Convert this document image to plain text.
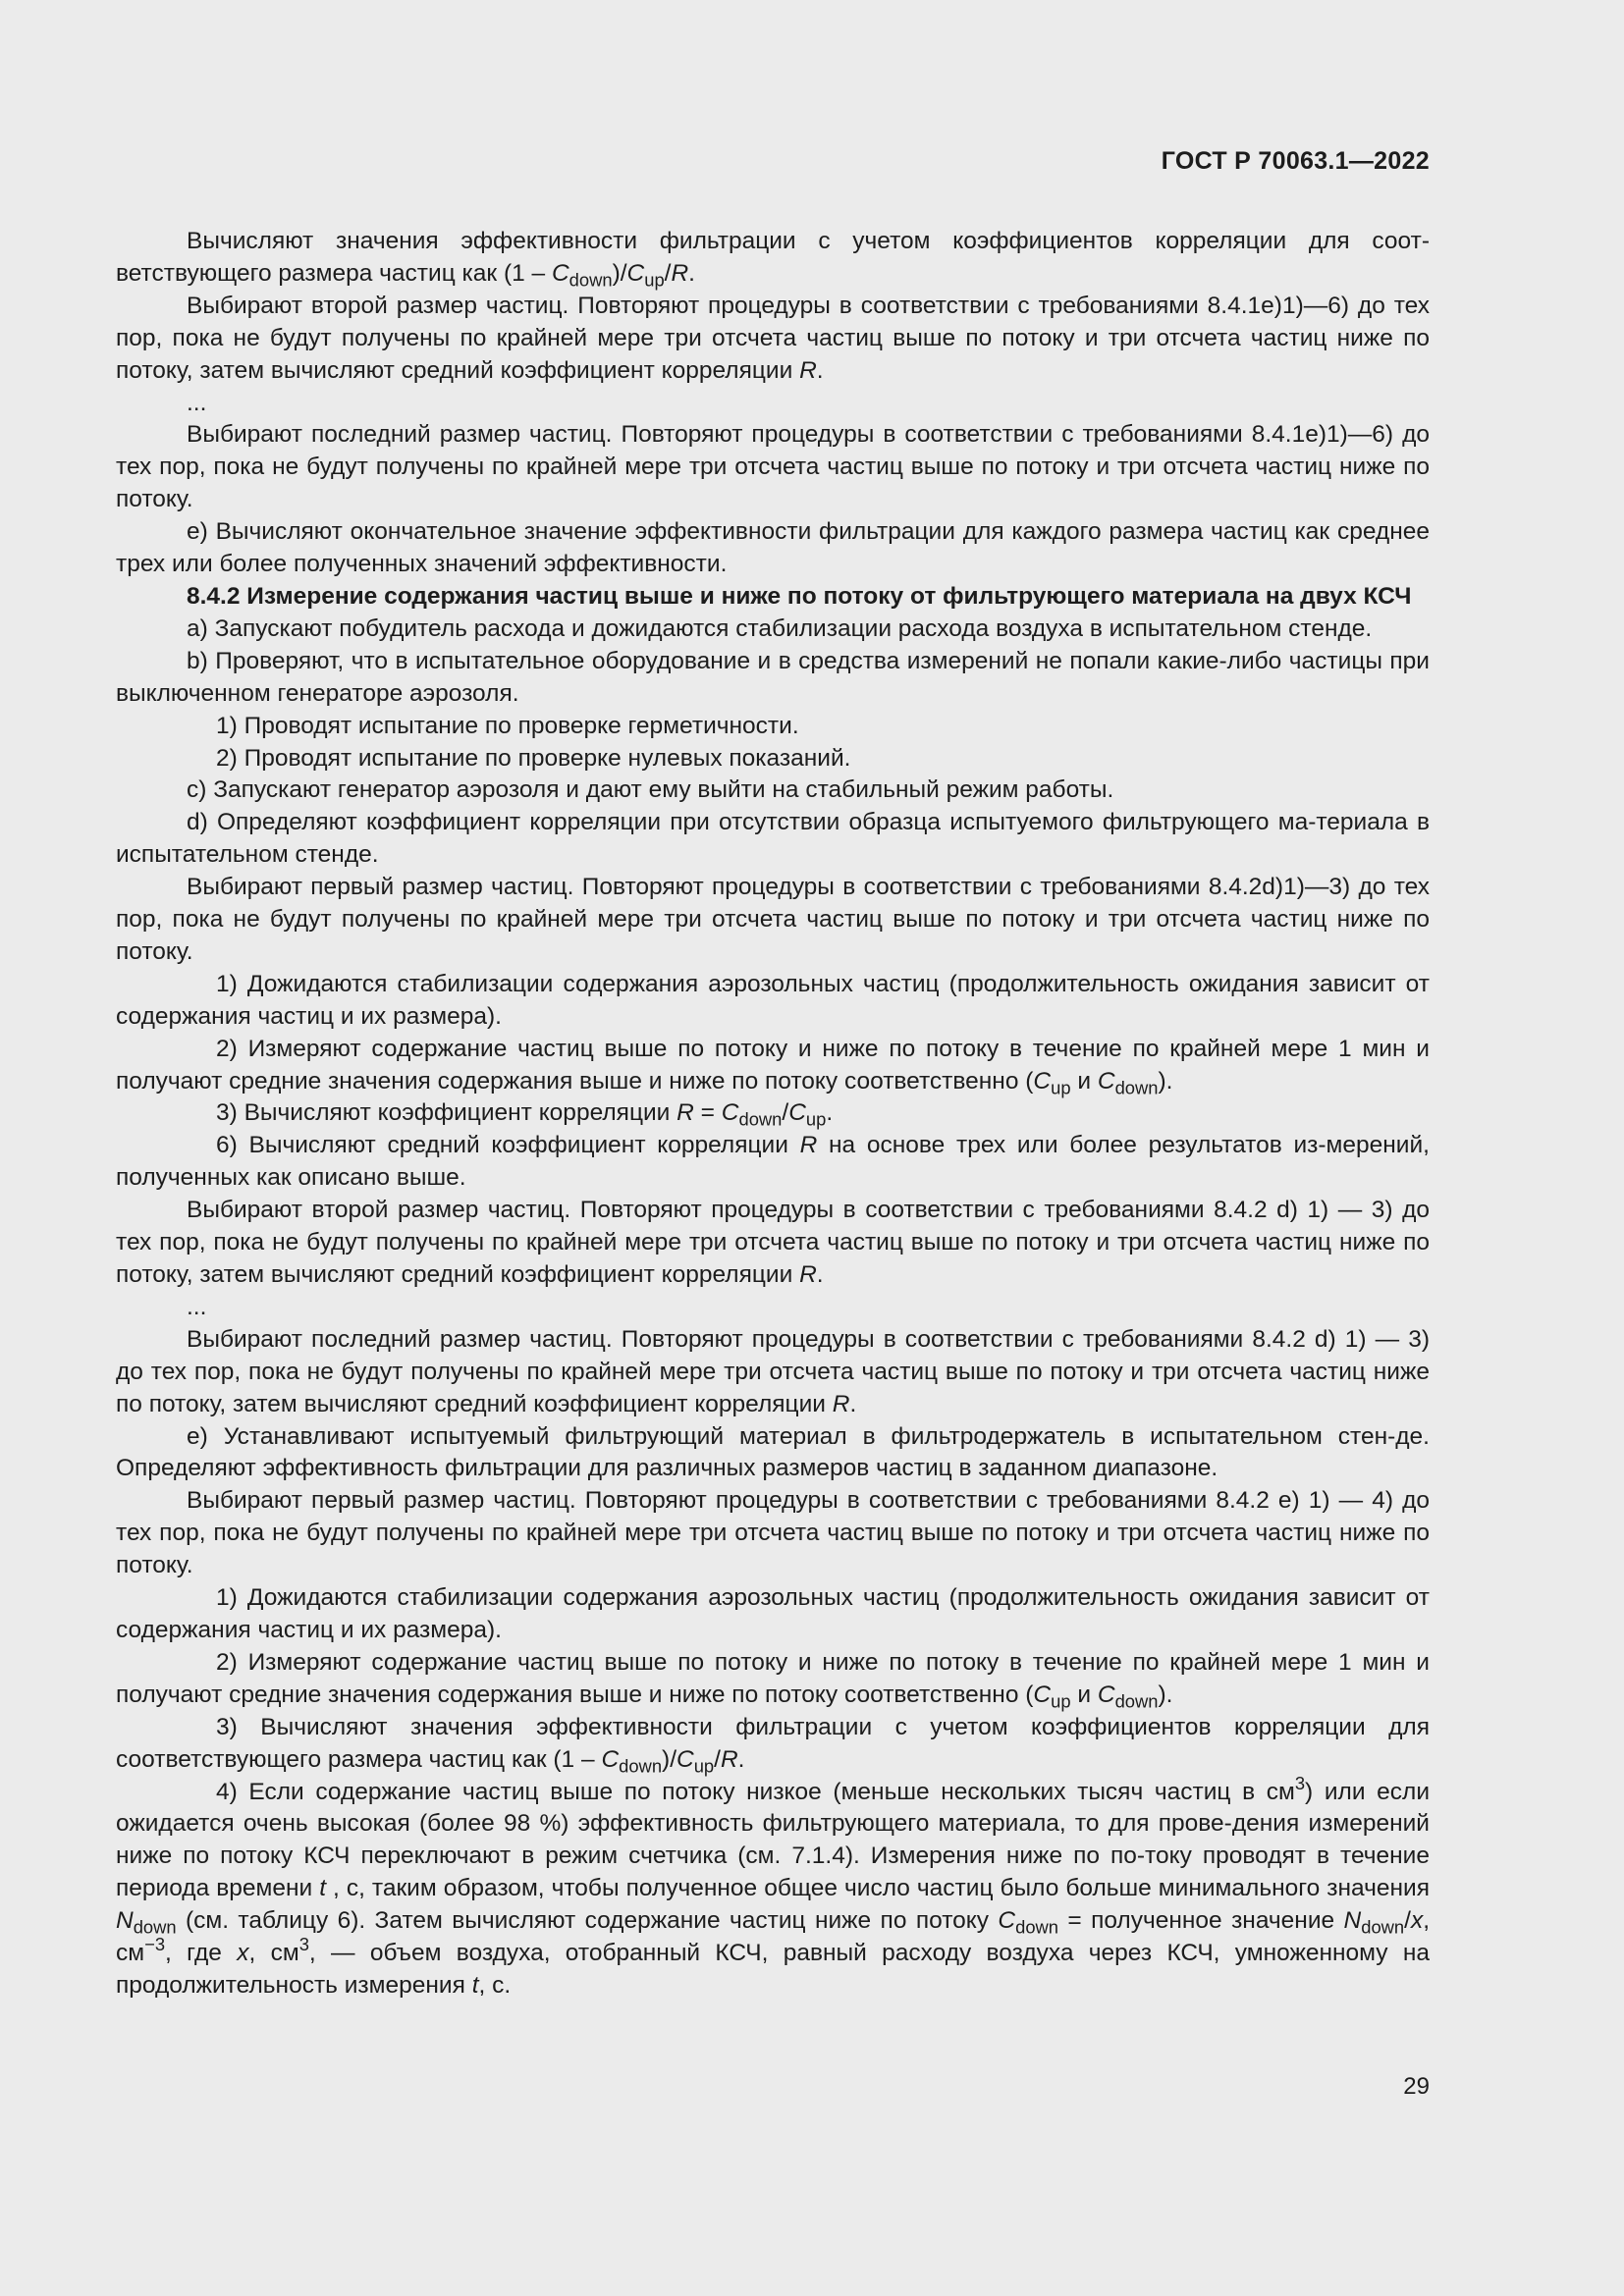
ГОСТ Р 70063.1—2022

Вычисляют значения эффективности фильтрации с учетом коэффициентов корреляции для соот-ветствующего размера частиц как $(1 - C_{down})/C_{up}/R$.

Выбирают второй размер частиц. Повторяют процедуры в соответствии с требованиями 8.4.1е)1)—6) до тех пор, пока не будут получены по крайней мере три отсчета частиц выше по потоку и три отсчета частиц ниже по потоку, затем вычисляют средний коэффициент корреляции R.

...

Выбирают последний размер частиц. Повторяют процедуры в соответствии с требованиями 8.4.1е)1)—6) до тех пор, пока не будут получены по крайней мере три отсчета частиц выше по потоку и три отсчета частиц ниже по потоку.

е) Вычисляют окончательное значение эффективности фильтрации для каждого размера частиц как среднее трех или более полученных значений эффективности.

8.4.2 Измерение содержания частиц выше и ниже по потоку от фильтрующего материала на двух КСЧ

а) Запускают побудитель расхода и дожидаются стабилизации расхода воздуха в испытательном стенде.

b) Проверяют, что в испытательное оборудование и в средства измерений не попали какие-либо частицы при выключенном генераторе аэрозоля.

1) Проводят испытание по проверке герметичности.

2) Проводят испытание по проверке нулевых показаний.

с) Запускают генератор аэрозоля и дают ему выйти на стабильный режим работы.

d) Определяют коэффициент корреляции при отсутствии образца испытуемого фильтрующего ма-териала в испытательном стенде.

Выбирают первый размер частиц. Повторяют процедуры в соответствии с требованиями 8.4.2d)1)—3) до тех пор, пока не будут получены по крайней мере три отсчета частиц выше по потоку и три отсчета частиц ниже по потоку.

1) Дожидаются стабилизации содержания аэрозольных частиц (продолжительность ожидания зависит от содержания частиц и их размера).

2) Измеряют содержание частиц выше по потоку и ниже по потоку в течение по крайней мере 1 мин и получают средние значения содержания выше и ниже по потоку соответственно ($C_{up}$ и $C_{down}$).

3) Вычисляют коэффициент корреляции $R = C_{down}/C_{up}$.

6) Вычисляют средний коэффициент корреляции R на основе трех или более результатов из-мерений, полученных как описано выше.

Выбирают второй размер частиц. Повторяют процедуры в соответствии с требованиями 8.4.2 d) 1) — 3) до тех пор, пока не будут получены по крайней мере три отсчета частиц выше по потоку и три отсчета частиц ниже по потоку, затем вычисляют средний коэффициент корреляции R.

...

Выбирают последний размер частиц. Повторяют процедуры в соответствии с требованиями 8.4.2 d) 1) — 3) до тех пор, пока не будут получены по крайней мере три отсчета частиц выше по потоку и три отсчета частиц ниже по потоку, затем вычисляют средний коэффициент корреляции R.

е) Устанавливают испытуемый фильтрующий материал в фильтродержатель в испытательном стен-де. Определяют эффективность фильтрации для различных размеров частиц в заданном диапазоне.

Выбирают первый размер частиц. Повторяют процедуры в соответствии с требованиями 8.4.2 е) 1) — 4) до тех пор, пока не будут получены по крайней мере три отсчета частиц выше по потоку и три отсчета частиц ниже по потоку.

1) Дожидаются стабилизации содержания аэрозольных частиц (продолжительность ожидания зависит от содержания частиц и их размера).

2) Измеряют содержание частиц выше по потоку и ниже по потоку в течение по крайней мере 1 мин и получают средние значения содержания выше и ниже по потоку соответственно ($C_{up}$ и $C_{down}$).

3) Вычисляют значения эффективности фильтрации с учетом коэффициентов корреляции для соответствующего размера частиц как $(1 - C_{down})/C_{up}/R$.

4) Если содержание частиц выше по потоку низкое (меньше нескольких тысяч частиц в $см^3$) или если ожидается очень высокая (более 98 %) эффективность фильтрующего материала, то для прове-дения измерений ниже по потоку КСЧ переключают в режим счетчика (см. 7.1.4). Измерения ниже по по-току проводят в течение периода времени t , с, таким образом, чтобы полученное общее число частиц было больше минимального значения $N_{down}$ (см. таблицу 6). Затем вычисляют содержание частиц ниже по потоку $C_{down}$ = полученное значение $N_{down}/x$, $см^{-3}$, где x, $см^3$, — объем воздуха, отобранный КСЧ, равный расходу воздуха через КСЧ, умноженному на продолжительность измерения t, с.

29
